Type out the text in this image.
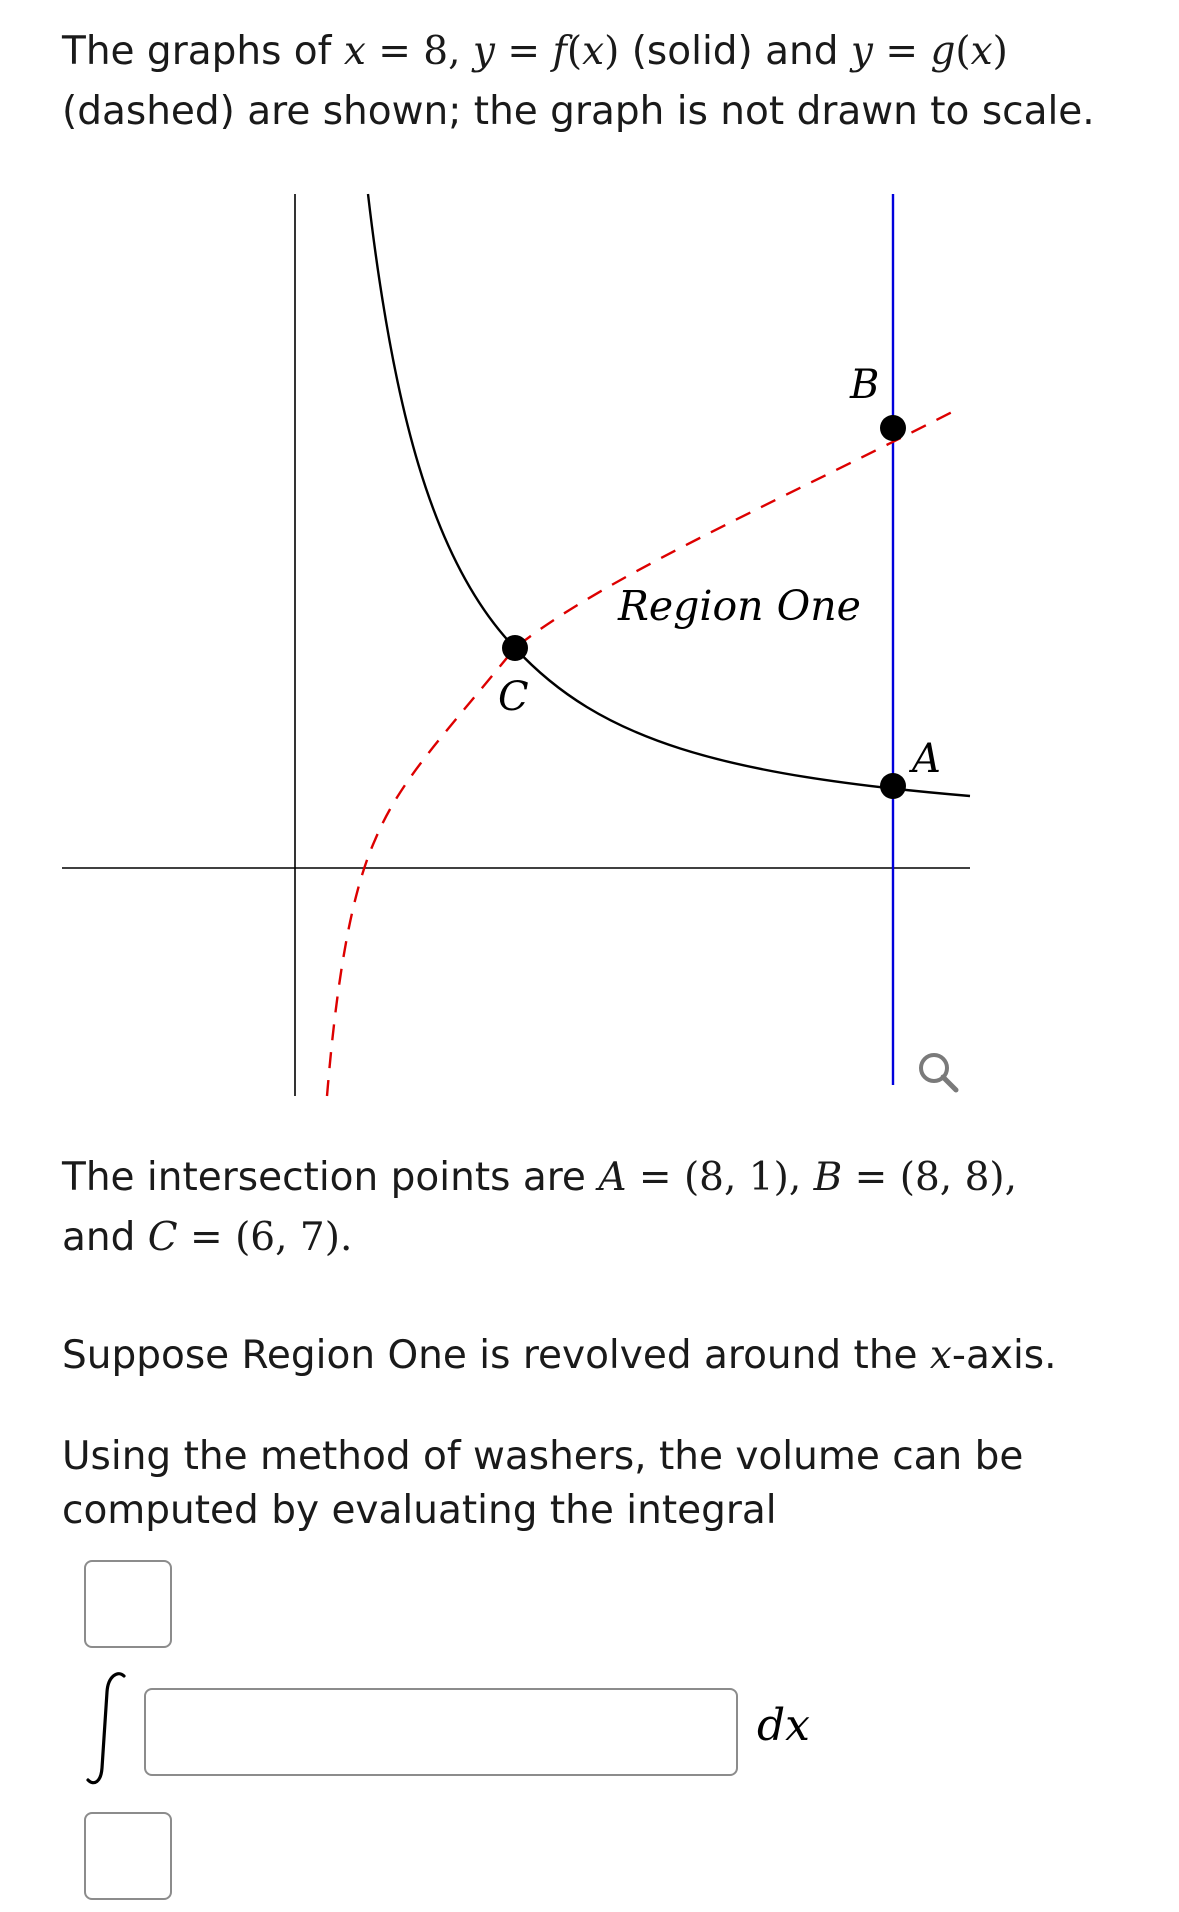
The graphs of x = 8, y = f(x) (solid) and y = g(x)
(dashed) are shown; the graph is not drawn to scale.
B
A
C
Region One
The intersection points are A = (8, 1), B = (8, 8),
and C = (6, 7).
Suppose Region One is revolved around the x-axis.
Using the method of washers, the volume can be
computed by evaluating the integral
dx
